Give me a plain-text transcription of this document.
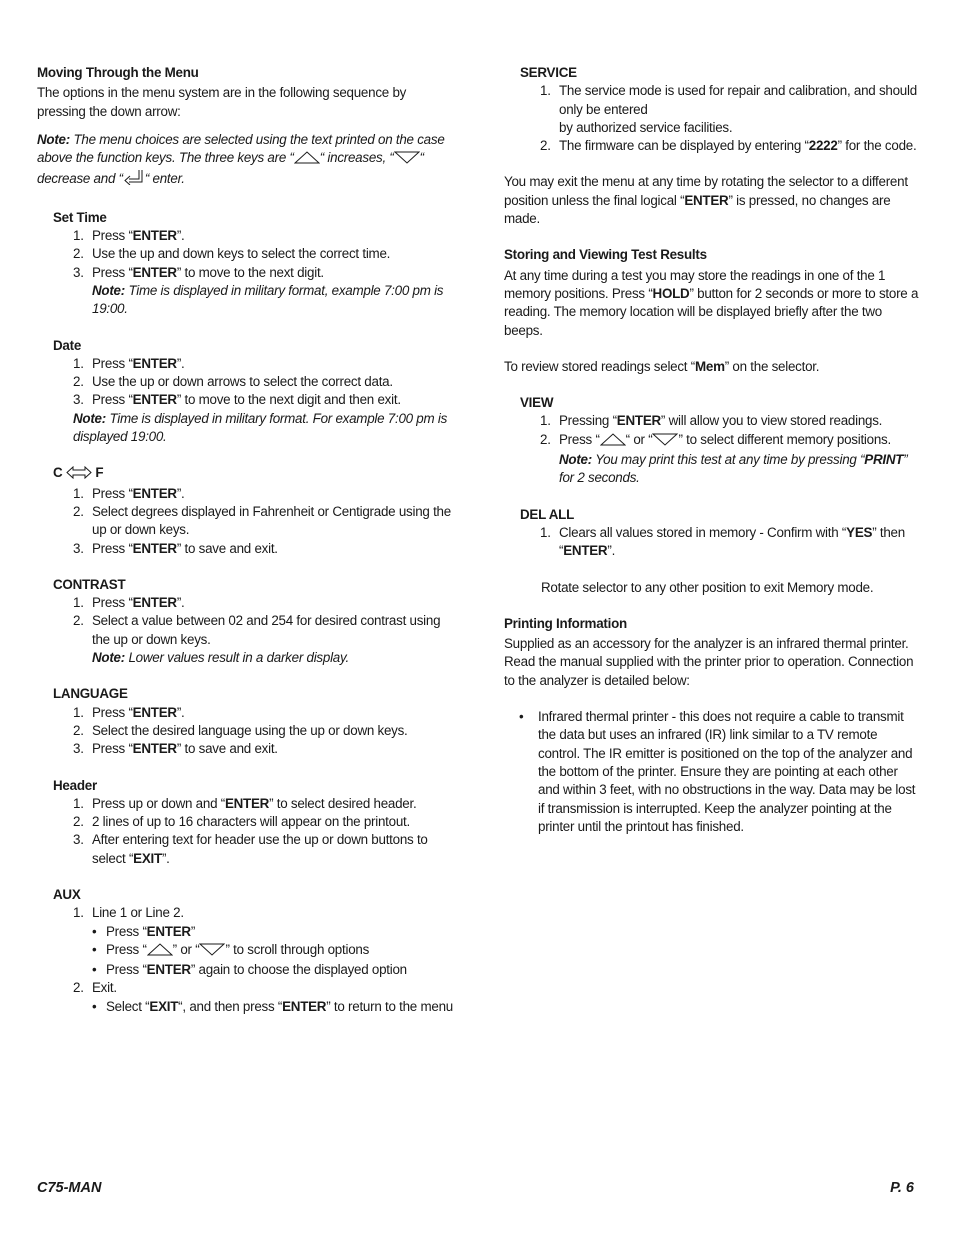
Moving Through the Menu

The options in the menu system are in the following sequence by pressing the down arrow:

Note: The menu choices are selected using the text printed on the case above the function keys. The three keys are “ “ increases, “ “ decrease and “ “ enter.

Set Time

1. Press “ENTER”.
2. Use the up and down keys to select the correct time.
3. Press “ENTER” to move to the next digit.

Note: Time is displayed in military format, example 7:00 pm is 19:00.

Date

1. Press “ENTER”.
2. Use the up or down arrows to select the correct data.
3. Press “ENTER” to move to the next digit and then exit.

Note: Time is displayed in military format. For example 7:00 pm is displayed 19:00.

C F

1. Press “ENTER”.
2. Select degrees displayed in Fahrenheit or Centigrade using the up or down keys.
3. Press “ENTER” to save and exit.

CONTRAST

1. Press “ENTER”.
2. Select a value between 02 and 254 for desired contrast using the up or down keys.

Note: Lower values result in a darker display.

LANGUAGE

1. Press “ENTER”.
2. Select the desired language using the up or down keys.
3. Press “ENTER” to save and exit.

Header

1. Press up or down and “ENTER” to select desired header.
2. 2 lines of up to 16 characters will appear on the printout.
3. After entering text for header use the up or down buttons to select “EXIT”.

AUX

1. Line 1 or Line 2.
• Press “ENTER”
• Press “ ” or “ ” to scroll through options
• Press “ENTER” again to choose the displayed option
2. Exit.
• Select “EXIT“, and then press “ENTER” to return to the menu

SERVICE

1. The service mode is used for repair and calibration, and should only be entered
by authorized service facilities.
2. The firmware can be displayed by entering “2222” for the code.

You may exit the menu at any time by rotating the selector to a different position unless the final logical “ENTER” is pressed, no changes are made.

Storing and Viewing Test Results

At any time during a test you may store the readings in one of the 1 memory positions. Press “HOLD” button for 2 seconds or more to store a reading. The memory location will be displayed briefly after the two beeps.

To review stored readings select “Mem” on the selector.

VIEW

1. Pressing “ENTER” will allow you to view stored readings.
2. Press “ “ or “ ” to select different memory positions.

Note: You may print this test at any time by pressing “PRINT” for 2 seconds.

DEL ALL

1. Clears all values stored in memory - Confirm with “YES” then “ENTER”.

Rotate selector to any other position to exit Memory mode.

Printing Information

Supplied as an accessory for the analyzer is an infrared thermal printer. Read the manual supplied with the printer prior to operation. Connection to the analyzer is detailed below:

• Infrared thermal printer - this does not require a cable to transmit the data but uses an infrared (IR) link similar to a TV remote control. The IR emitter is positioned on the top of the analyzer and the bottom of the printer. Ensure they are pointing at each other and within 3 feet, with no obstructions in the way. Data may be lost if transmission is interrupted. Keep the analyzer pointing at the printer until the printout has finished.
C75-MAN	P. 6
